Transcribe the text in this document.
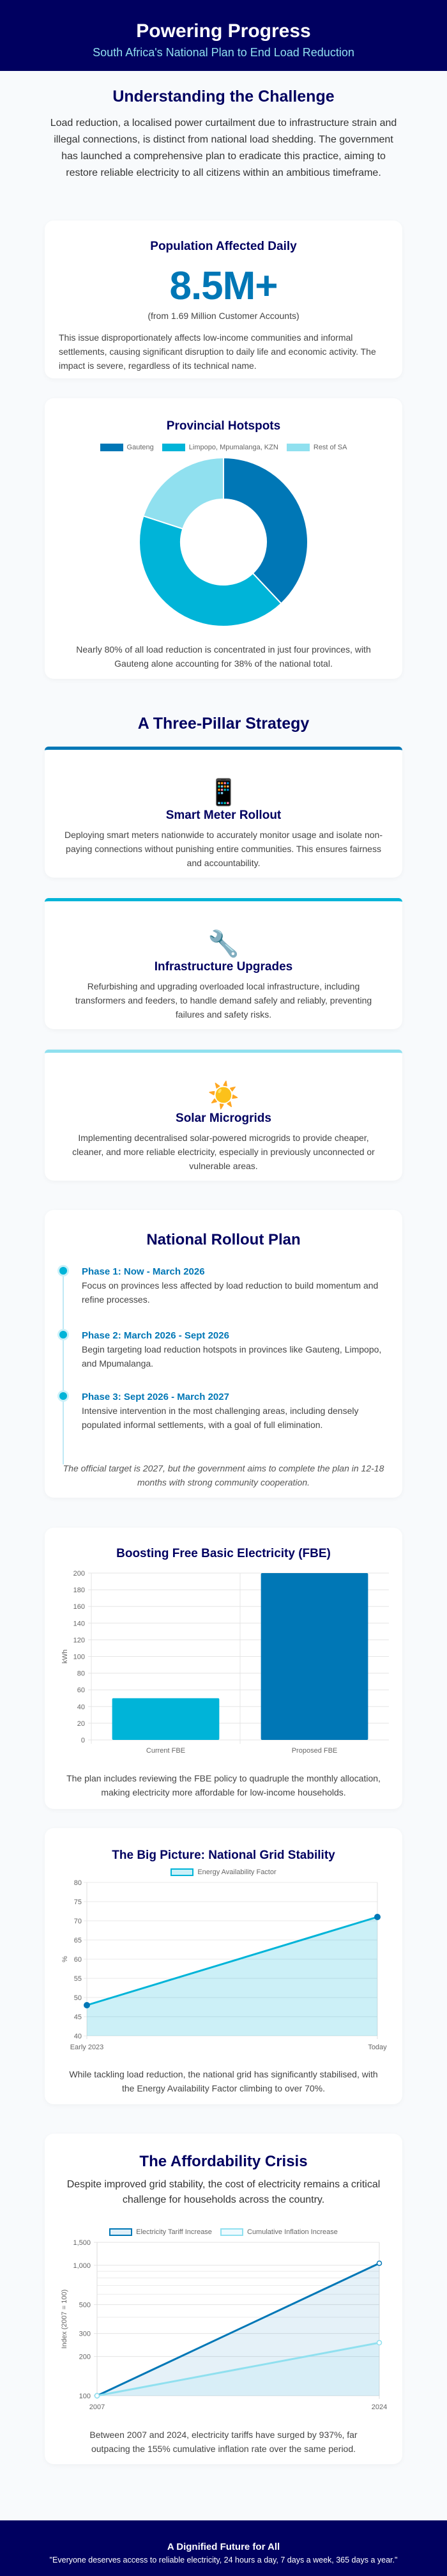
Powering Progress

South Africa's National Plan to End Load Reduction

Understanding the Challenge

Load reduction, a localised power curtailment due to infrastructure strain and illegal connections, is distinct from national load shedding. The government has launched a comprehensive plan to eradicate this practice, aiming to restore reliable electricity to all citizens within an ambitious timeframe.

Population Affected Daily
8.5M+
(from 1.69 Million Customer Accounts)
This issue disproportionately affects low-income communities and informal settlements, causing significant disruption to daily life and economic activity. The impact is severe, regardless of its technical name.
Provincial Hotspots
Gauteng
	Limpopo, Mpumalanga, KZN
	Rest of SA
Nearly 80% of all load reduction is concentrated in just four provinces, with Gauteng alone accounting for 38% of the national total.
A Three-Pillar Strategy
📱
Smart Meter Rollout
Deploying smart meters nationwide to accurately monitor usage and isolate non-paying connections without punishing entire communities. This ensures fairness and accountability.
🔧
Infrastructure Upgrades
Refurbishing and upgrading overloaded local infrastructure, including transformers and feeders, to handle demand safely and reliably, preventing failures and safety risks.
☀️
Solar Microgrids
Implementing decentralised solar-powered microgrids to provide cheaper, cleaner, and more reliable electricity, especially in previously unconnected or vulnerable areas.
National Rollout Plan
Phase 1: Now - March 2026
Focus on provinces less affected by load reduction to build momentum and refine processes.
Phase 2: March 2026 - Sept 2026
Begin targeting load reduction hotspots in provinces like Gauteng, Limpopo, and Mpumalanga.
Phase 3: Sept 2026 - March 2027
Intensive intervention in the most challenging areas, including densely populated informal settlements, with a goal of full elimination.
The official target is 2027, but the government aims to complete the plan in 12-18 months with strong community cooperation.
Boosting Free Basic Electricity (FBE)
The plan includes reviewing the FBE policy to quadruple the monthly allocation, making electricity more affordable for low-income households.
0
20
40
60
80
100
120
140
160
180
200
Current FBE	Proposed FBE
kWh
The Big Picture: National Grid Stability
Energy Availability Factor
While tackling load reduction, the national grid has significantly stabilised, with the Energy Availability Factor climbing to over 70%.
40
45
50
55
60
65
70
75
80
Early 2023	Today
%
The Affordability Crisis
Despite improved grid stability, the cost of electricity remains a critical challenge for households across the country.
Electricity Tariff Increase
	Cumulative Inflation Increase
Between 2007 and 2024, electricity tariffs have surged by 937%, far outpacing the 155% cumulative inflation rate over the same period.
100
200
300
500
1,000
1,500
2007	2024
Index (2007 = 100)
A Dignified Future for All

"Everyone deserves access to reliable electricity, 24 hours a day, 7 days a week, 365 days a year."
